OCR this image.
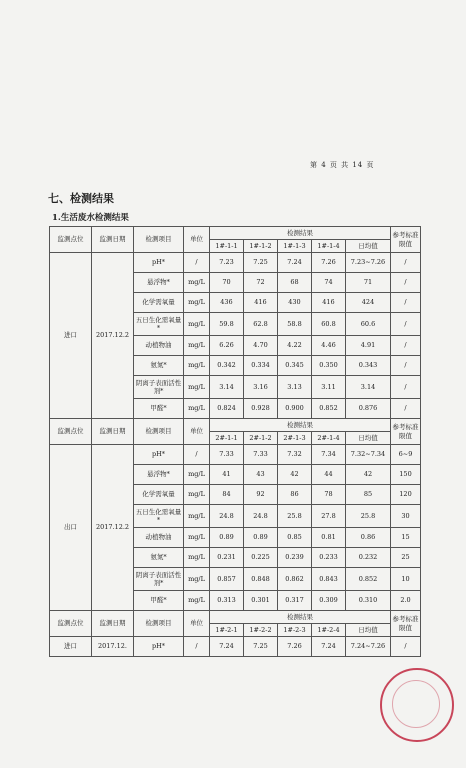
第 4 页 共 14 页
七、检测结果
1.生活废水检测结果
监测点位	监测日期	检测项目	单位	检测结果					参考标准限值
				1#-1-1	1#-1-2	1#-1-3	1#-1-4	日均值	
进口	2017.12.2	pH*	/	7.23	7.25	7.24	7.26	7.23~7.26	/
		悬浮物*	mg/L	70	72	68	74	71	/
		化学需氧量	mg/L	436	416	430	416	424	/
		五日生化需氧量*	mg/L	59.8	62.8	58.8	60.8	60.6	/
		动植物油	mg/L	6.26	4.70	4.22	4.46	4.91	/
		氨氮*	mg/L	0.342	0.334	0.345	0.350	0.343	/
		阴离子表面活性剂*	mg/L	3.14	3.16	3.13	3.11	3.14	/
		甲醛*	mg/L	0.824	0.928	0.900	0.852	0.876	/
监测点位	监测日期	检测项目	单位	检测结果					参考标准限值
				2#-1-1	2#-1-2	2#-1-3	2#-1-4	日均值	
出口	2017.12.2	pH*	/	7.33	7.33	7.32	7.34	7.32~7.34	6~9
		悬浮物*	mg/L	41	43	42	44	42	150
		化学需氧量	mg/L	84	92	86	78	85	120
		五日生化需氧量*	mg/L	24.8	24.8	25.8	27.8	25.8	30
		动植物油	mg/L	0.89	0.89	0.85	0.81	0.86	15
		氨氮*	mg/L	0.231	0.225	0.239	0.233	0.232	25
		阴离子表面活性剂*	mg/L	0.857	0.848	0.862	0.843	0.852	10
		甲醛*	mg/L	0.313	0.301	0.317	0.309	0.310	2.0
监测点位	监测日期	检测项目	单位	检测结果					参考标准限值
				1#-2-1	1#-2-2	1#-2-3	1#-2-4	日均值	
进口	2017.12.	pH*	/	7.24	7.25	7.26	7.24	7.24~7.26	/
